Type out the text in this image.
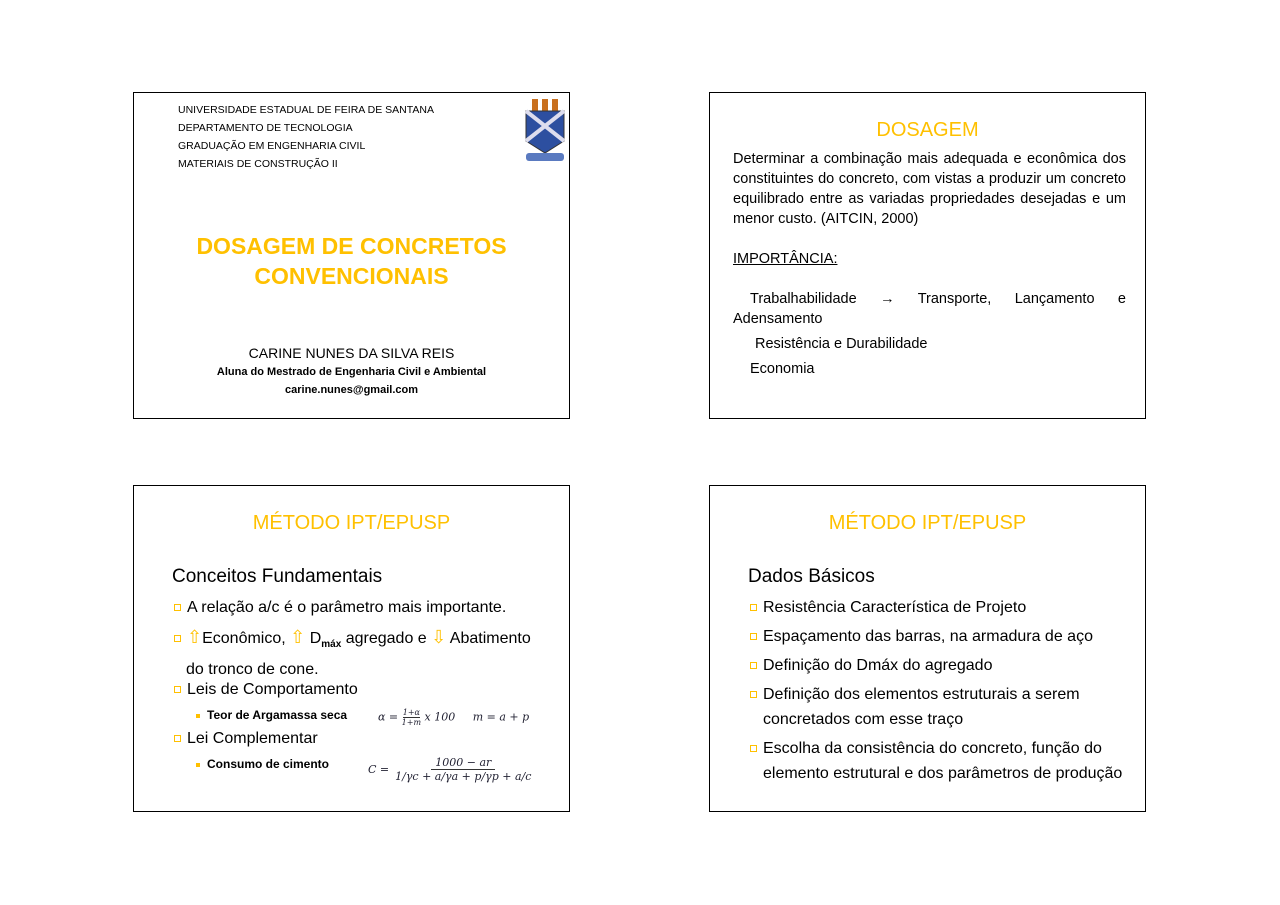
UNIVERSIDADE ESTADUAL DE FEIRA DE SANTANA
DEPARTAMENTO DE TECNOLOGIA
GRADUAÇÃO EM ENGENHARIA CIVIL
MATERIAIS DE CONSTRUÇÃO II
DOSAGEM DE CONCRETOS
CONVENCIONAIS
CARINE NUNES DA SILVA REIS
Aluna do Mestrado de Engenharia Civil e Ambiental
carine.nunes@gmail.com
DOSAGEM
Determinar a combinação mais adequada e econômica dos constituintes do concreto, com vistas a produzir um concreto equilibrado entre as variadas propriedades desejadas e um menor custo. (AITCIN, 2000)
IMPORTÂNCIA:
Trabalhabilidade → Transporte, Lançamento e Adensamento
Resistência e Durabilidade
Economia
MÉTODO IPT/EPUSP
Conceitos Fundamentais
A relação a/c é o parâmetro mais importante.
⇧Econômico, ⇧ $D_{máx}$ agregado e ⇩ Abatimento
do tronco de cone.
Leis de Comportamento
Teor de Argamassa seca	$\alpha = \frac{1+\alpha}{1+m}$ x 100 m = a + p
Lei Complementar
Consumo de cimento	$C = \frac{1000 - ar}{1/\gamma c + a/\gamma a + p/\gamma p + a/c}$
MÉTODO IPT/EPUSP
Dados Básicos
Resistência Característica de Projeto
Espaçamento das barras, na armadura de aço
Definição do Dmáx do agregado
Definição dos elementos estruturais a serem concretados com esse traço
Escolha da consistência do concreto, função do elemento estrutural e dos parâmetros de produção
